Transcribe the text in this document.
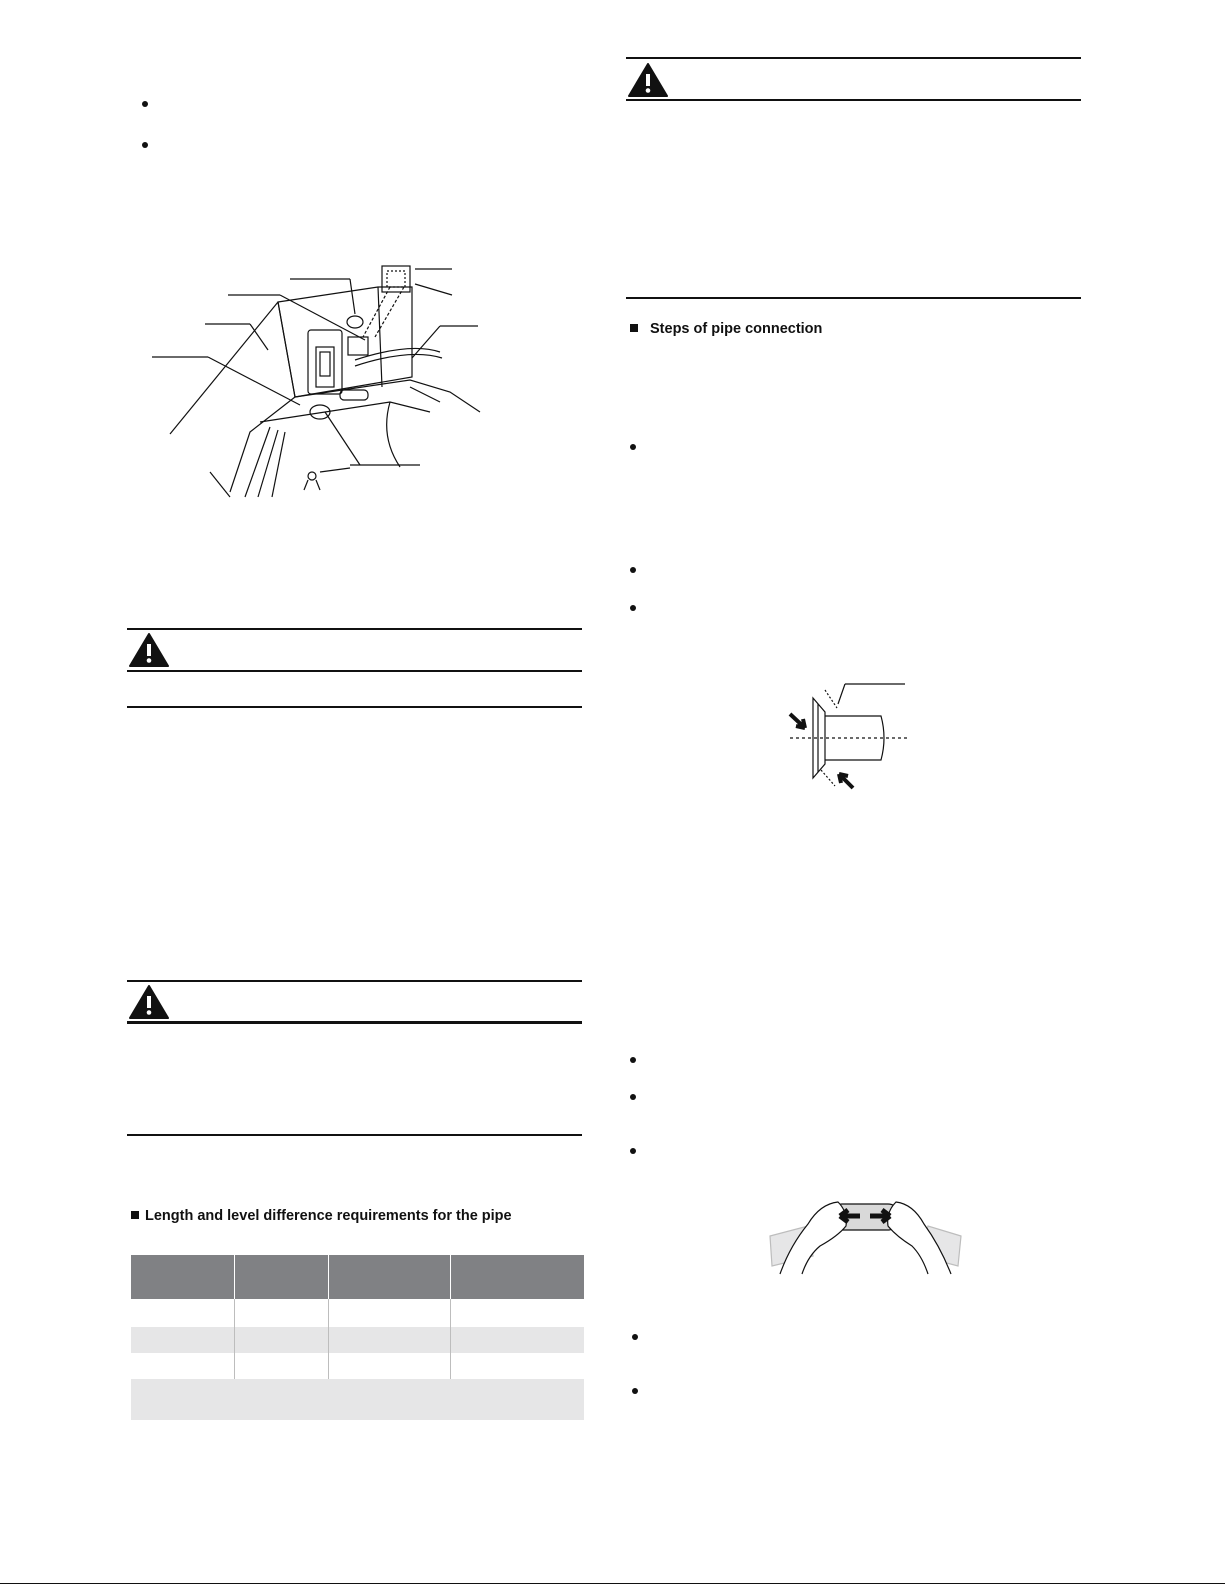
Length and level difference requirements for the pipe

Steps of pipe connection
